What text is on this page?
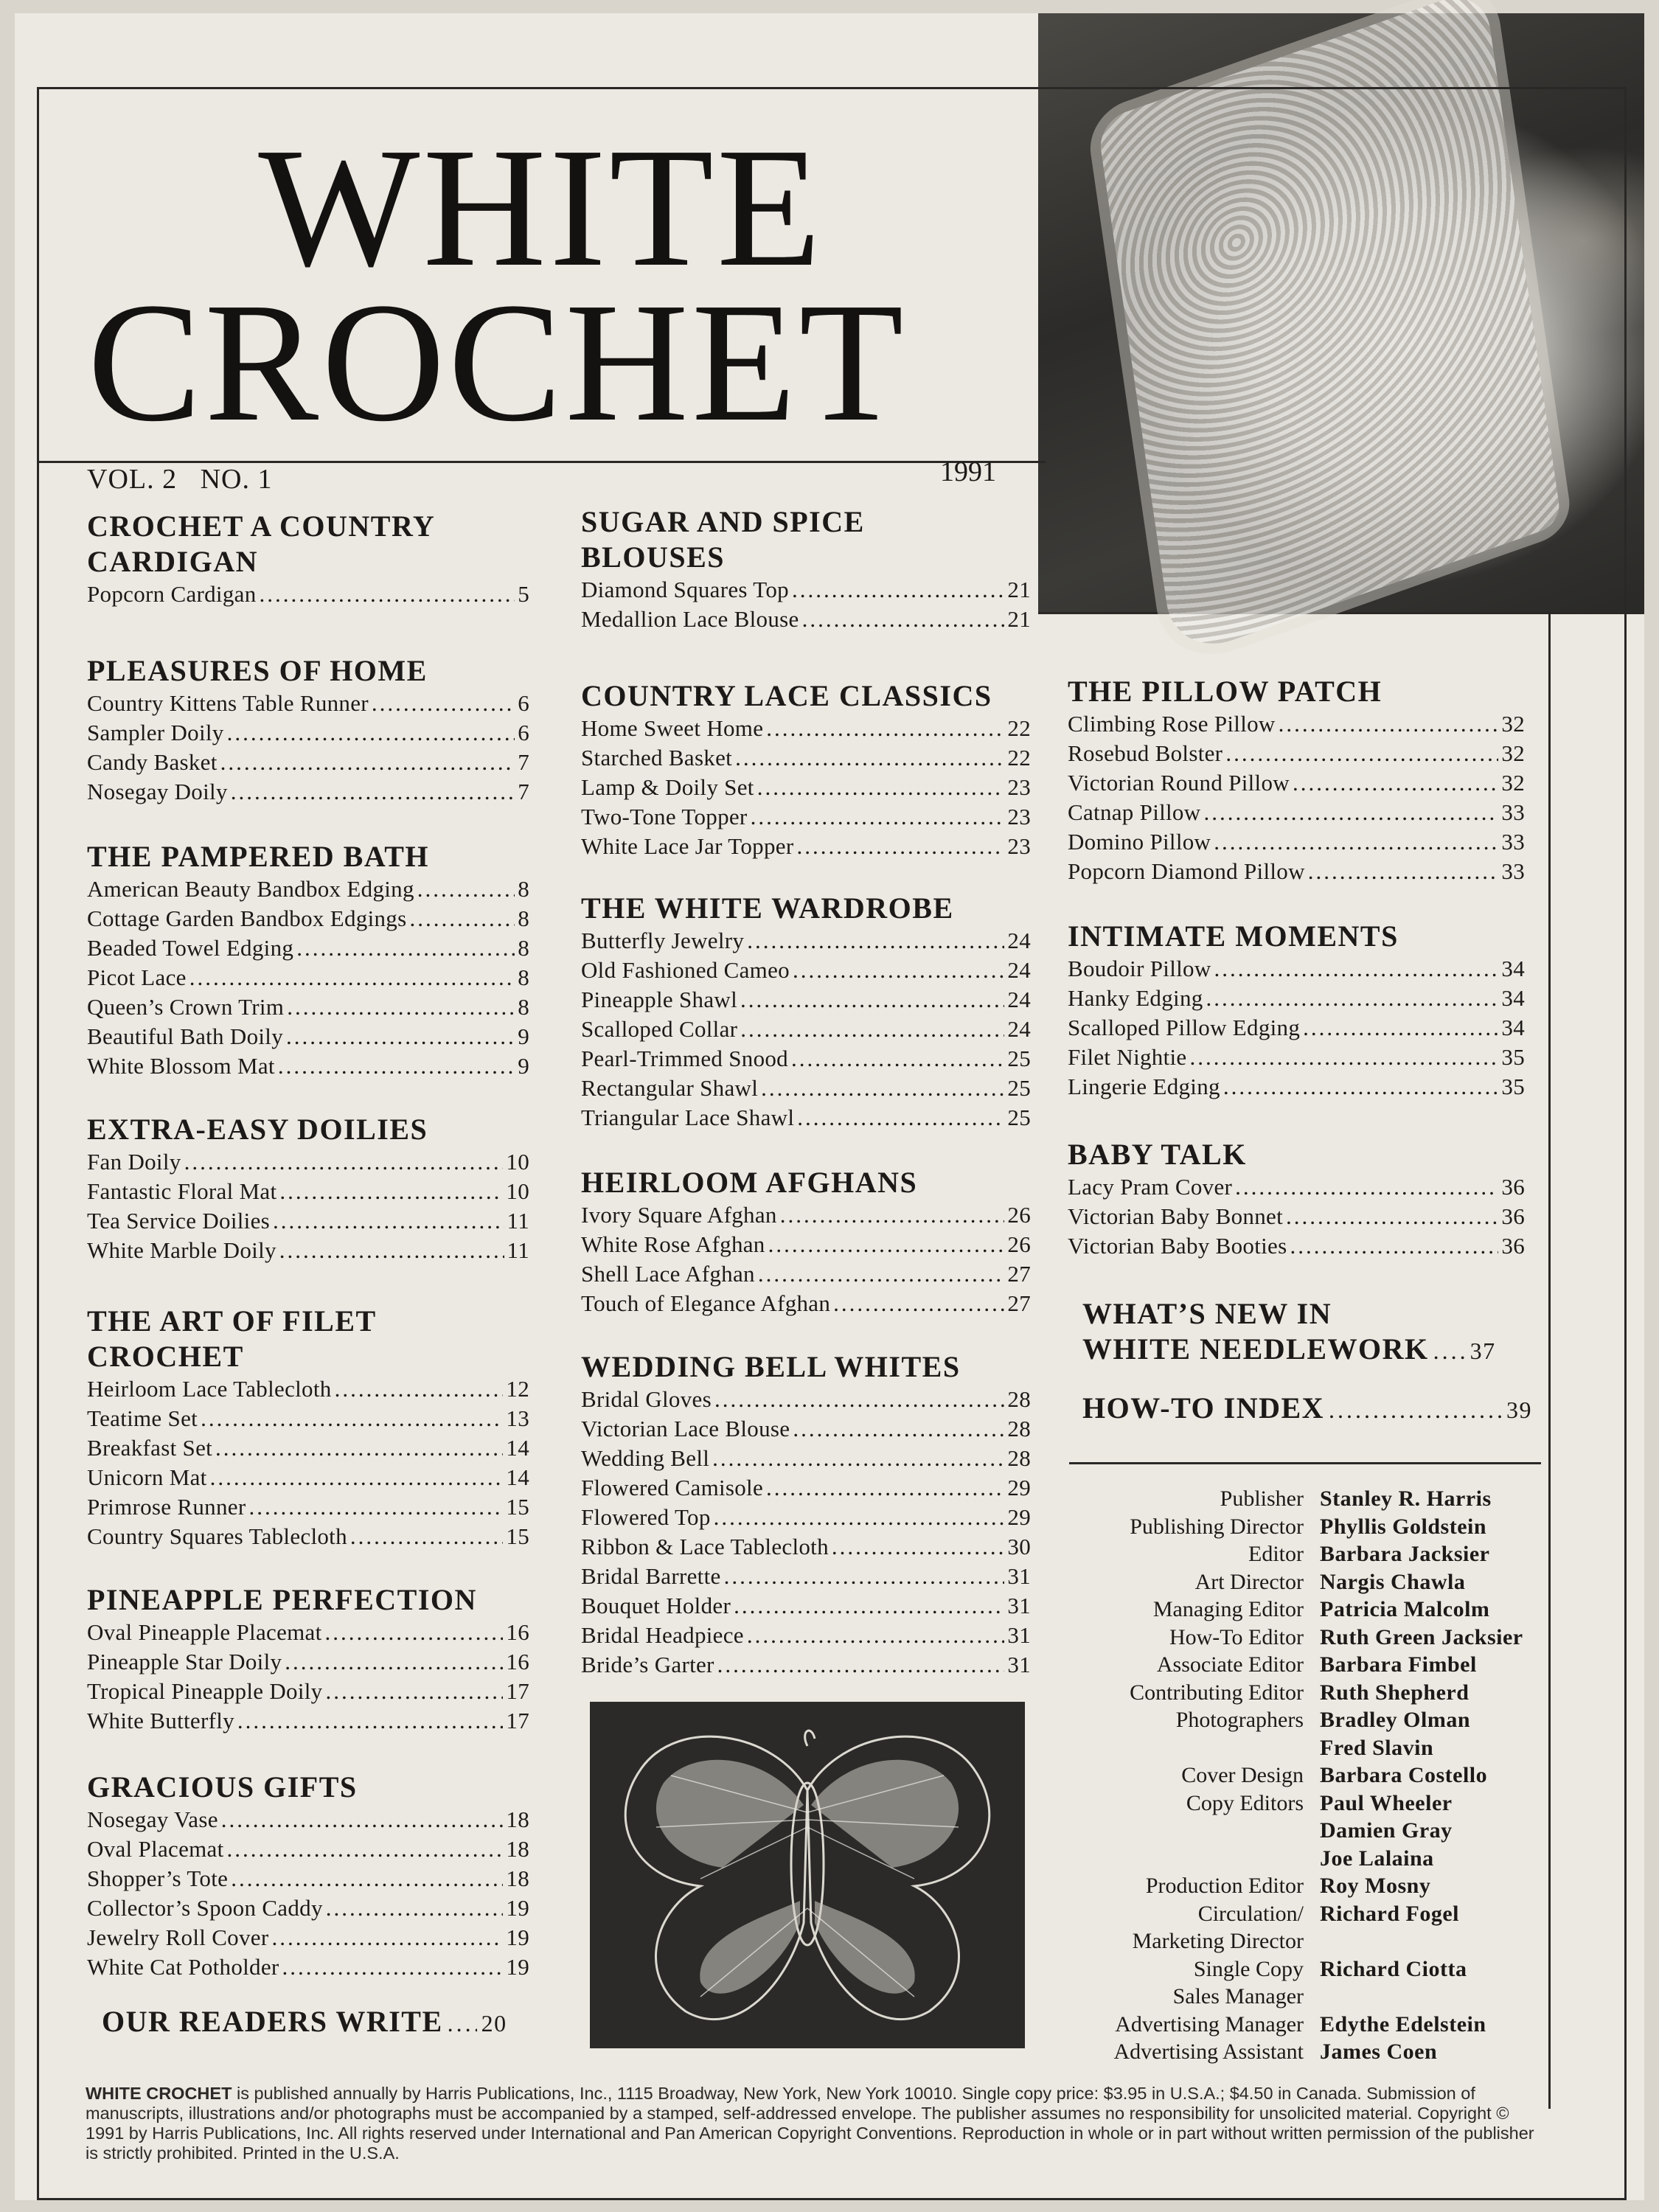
WHITE
CROCHET
VOL. 2   NO. 1	1991
CROCHET A COUNTRY CARDIGAN
Popcorn Cardigan .....	5
PLEASURES OF HOME
Country Kittens Table Runner .....	6
Sampler Doily .....	6
Candy Basket .....	7
Nosegay Doily .....	7
THE PAMPERED BATH
American Beauty Bandbox Edging .....	8
Cottage Garden Bandbox Edgings .....	8
Beaded Towel Edging .....	8
Picot Lace .....	8
Queen’s Crown Trim .....	8
Beautiful Bath Doily .....	9
White Blossom Mat .....	9
EXTRA-EASY DOILIES
Fan Doily .....	10
Fantastic Floral Mat .....	10
Tea Service Doilies .....	11
White Marble Doily .....	11
THE ART OF FILET CROCHET
Heirloom Lace Tablecloth .....	12
Teatime Set .....	13
Breakfast Set .....	14
Unicorn Mat .....	14
Primrose Runner .....	15
Country Squares Tablecloth .....	15
PINEAPPLE PERFECTION
Oval Pineapple Placemat .....	16
Pineapple Star Doily .....	16
Tropical Pineapple Doily .....	17
White Butterfly .....	17
GRACIOUS GIFTS
Nosegay Vase .....	18
Oval Placemat .....	18
Shopper’s Tote .....	18
Collector’s Spoon Caddy .....	19
Jewelry Roll Cover .....	19
White Cat Potholder .....	19
OUR READERS WRITE ..... 20
SUGAR AND SPICE BLOUSES
Diamond Squares Top .....	21
Medallion Lace Blouse .....	21
COUNTRY LACE CLASSICS
Home Sweet Home .....	22
Starched Basket .....	22
Lamp & Doily Set .....	23
Two-Tone Topper .....	23
White Lace Jar Topper .....	23
THE WHITE WARDROBE
Butterfly Jewelry .....	24
Old Fashioned Cameo .....	24
Pineapple Shawl .....	24
Scalloped Collar .....	24
Pearl-Trimmed Snood .....	25
Rectangular Shawl .....	25
Triangular Lace Shawl .....	25
HEIRLOOM AFGHANS
Ivory Square Afghan .....	26
White Rose Afghan .....	26
Shell Lace Afghan .....	27
Touch of Elegance Afghan .....	27
WEDDING BELL WHITES
Bridal Gloves .....	28
Victorian Lace Blouse .....	28
Wedding Bell .....	28
Flowered Camisole .....	29
Flowered Top .....	29
Ribbon & Lace Tablecloth .....	30
Bridal Barrette .....	31
Bouquet Holder .....	31
Bridal Headpiece .....	31
Bride’s Garter .....	31
THE PILLOW PATCH
Climbing Rose Pillow .....	32
Rosebud Bolster .....	32
Victorian Round Pillow .....	32
Catnap Pillow .....	33
Domino Pillow .....	33
Popcorn Diamond Pillow .....	33
INTIMATE MOMENTS
Boudoir Pillow .....	34
Hanky Edging .....	34
Scalloped Pillow Edging .....	34
Filet Nightie .....	35
Lingerie Edging .....	35
BABY TALK
Lacy Pram Cover .....	36
Victorian Baby Bonnet .....	36
Victorian Baby Booties .....	36
WHAT’S NEW IN
WHITE NEEDLEWORK ..... 37
HOW-TO INDEX .....	39
Publisher Stanley R. Harris
Publishing Director Phyllis Goldstein
Editor Barbara Jacksier
Art Director Nargis Chawla
Managing Editor Patricia Malcolm
How-To Editor Ruth Green Jacksier
Associate Editor Barbara Fimbel
Contributing Editor Ruth Shepherd
Photographers Bradley Olman
Fred Slavin
Cover Design Barbara Costello
Copy Editors Paul Wheeler
Damien Gray
Joe Lalaina
Production Editor Roy Mosny
Circulation/ Richard Fogel
Marketing Director
Single Copy Richard Ciotta
Sales Manager
Advertising Manager Edythe Edelstein
Advertising Assistant James Coen
WHITE CROCHET is published annually by Harris Publications, Inc., 1115 Broadway, New York, New York 10010. Single copy price: $3.95 in U.S.A.; $4.50 in Canada. Submission of manuscripts, illustrations and/or photographs must be accompanied by a stamped, self-addressed envelope. The publisher assumes no responsibility for unsolicited material. Copyright © 1991 by Harris Publications, Inc. All rights reserved under International and Pan American Copyright Conventions. Reproduction in whole or in part without written permission of the publisher is strictly prohibited. Printed in the U.S.A.
